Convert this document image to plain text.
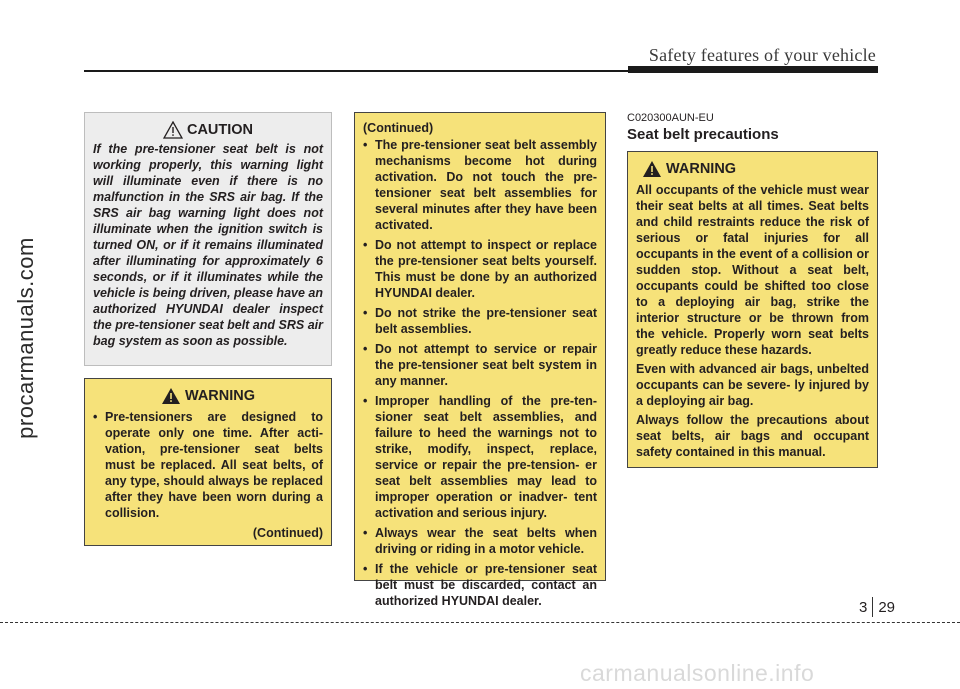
Safety features of your vehicle
procarmanuals.com
CAUTION
If the pre-tensioner seat belt is not working properly, this warning light will illuminate even if there is no malfunction in the SRS air bag. If the SRS air bag warning light does not illuminate when the ignition switch is turned ON, or if it remains illuminated after illuminating for approximately 6 seconds, or if it illuminates while the vehicle is being driven, please have an authorized HYUNDAI dealer inspect the pre-tensioner seat belt and SRS air bag system as soon as possible.
WARNING
• Pre-tensioners are designed to operate only one time. After acti- vation, pre-tensioner seat belts must be replaced. All seat belts, of any type, should always be replaced after they have been worn during a collision.
(Continued)
(Continued)
• The pre-tensioner seat belt assembly mechanisms become hot during activation. Do not touch the pre-tensioner seat belt assemblies for several minutes after they have been activated.
• Do not attempt to inspect or replace the pre-tensioner seat belts yourself. This must be done by an authorized HYUNDAI dealer.
• Do not strike the pre-tensioner seat belt assemblies.
• Do not attempt to service or repair the pre-tensioner seat belt system in any manner.
• Improper handling of the pre-ten- sioner seat belt assemblies, and failure to heed the warnings not to strike, modify, inspect, replace, service or repair the pre-tension- er seat belt assemblies may lead to improper operation or inadver- tent activation and serious injury.
• Always wear the seat belts when driving or riding in a motor vehicle.
• If the vehicle or pre-tensioner seat belt must be discarded, contact an authorized HYUNDAI dealer.
C020300AUN-EU
Seat belt precautions
WARNING
All occupants of the vehicle must wear their seat belts at all times. Seat belts and child restraints reduce the risk of serious or fatal injuries for all occupants in the event of a collision or sudden stop. Without a seat belt, occupants could be shifted too close to a deploying air bag, strike the interior structure or be thrown from the vehicle. Properly worn seat belts greatly reduce these hazards.
Even with advanced air bags, unbelted occupants can be severe- ly injured by a deploying air bag.
Always follow the precautions about seat belts, air bags and occupant safety contained in this manual.
3 29
carmanualsonline.info
